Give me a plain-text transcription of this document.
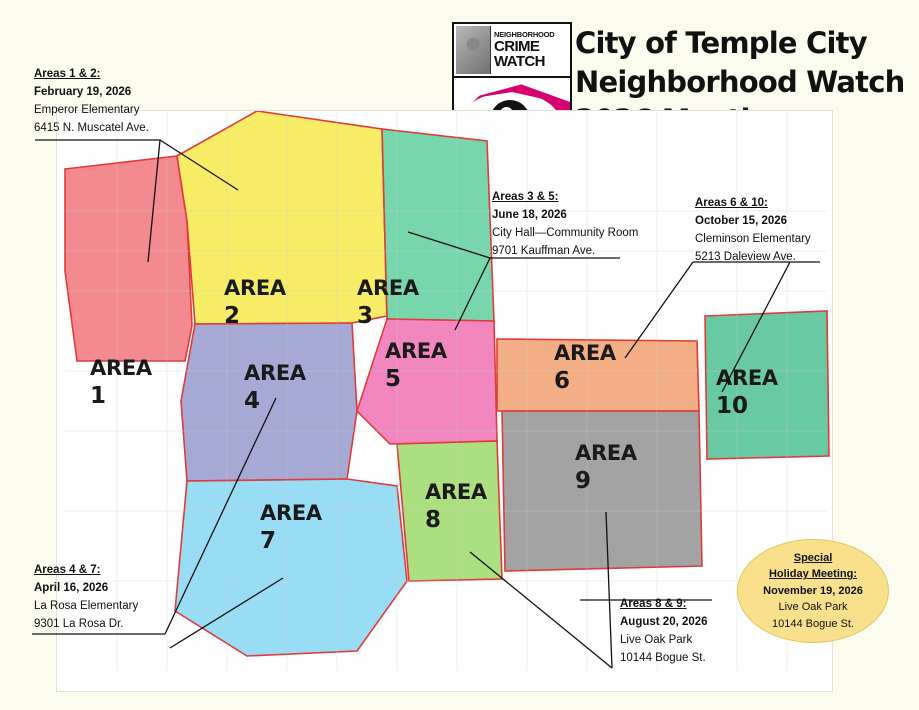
NEIGHBORHOOD
CRIME WATCH
City of Temple City
Neighborhood Watch
AREA
1
AREA
2
AREA
3
AREA
4
AREA
5
AREA
6
AREA
7
AREA
8
AREA
9
AREA
10
Areas 1 & 2:
February 19, 2026
Emperor Elementary
6415 N. Muscatel Ave.
Areas 3 & 5:
June 18, 2026
City Hall—Community Room
9701 Kauffman Ave.
Areas 6 & 10:
October 15, 2026
Cleminson Elementary
5213 Daleview Ave.
Areas 4 & 7:
April 16, 2026
La Rosa Elementary
9301 La Rosa Dr.
Areas 8 & 9:
August 20, 2026
Live Oak Park
10144 Bogue St.
Special
Holiday Meeting:
November 19, 2026
Live Oak Park
10144 Bogue St.
